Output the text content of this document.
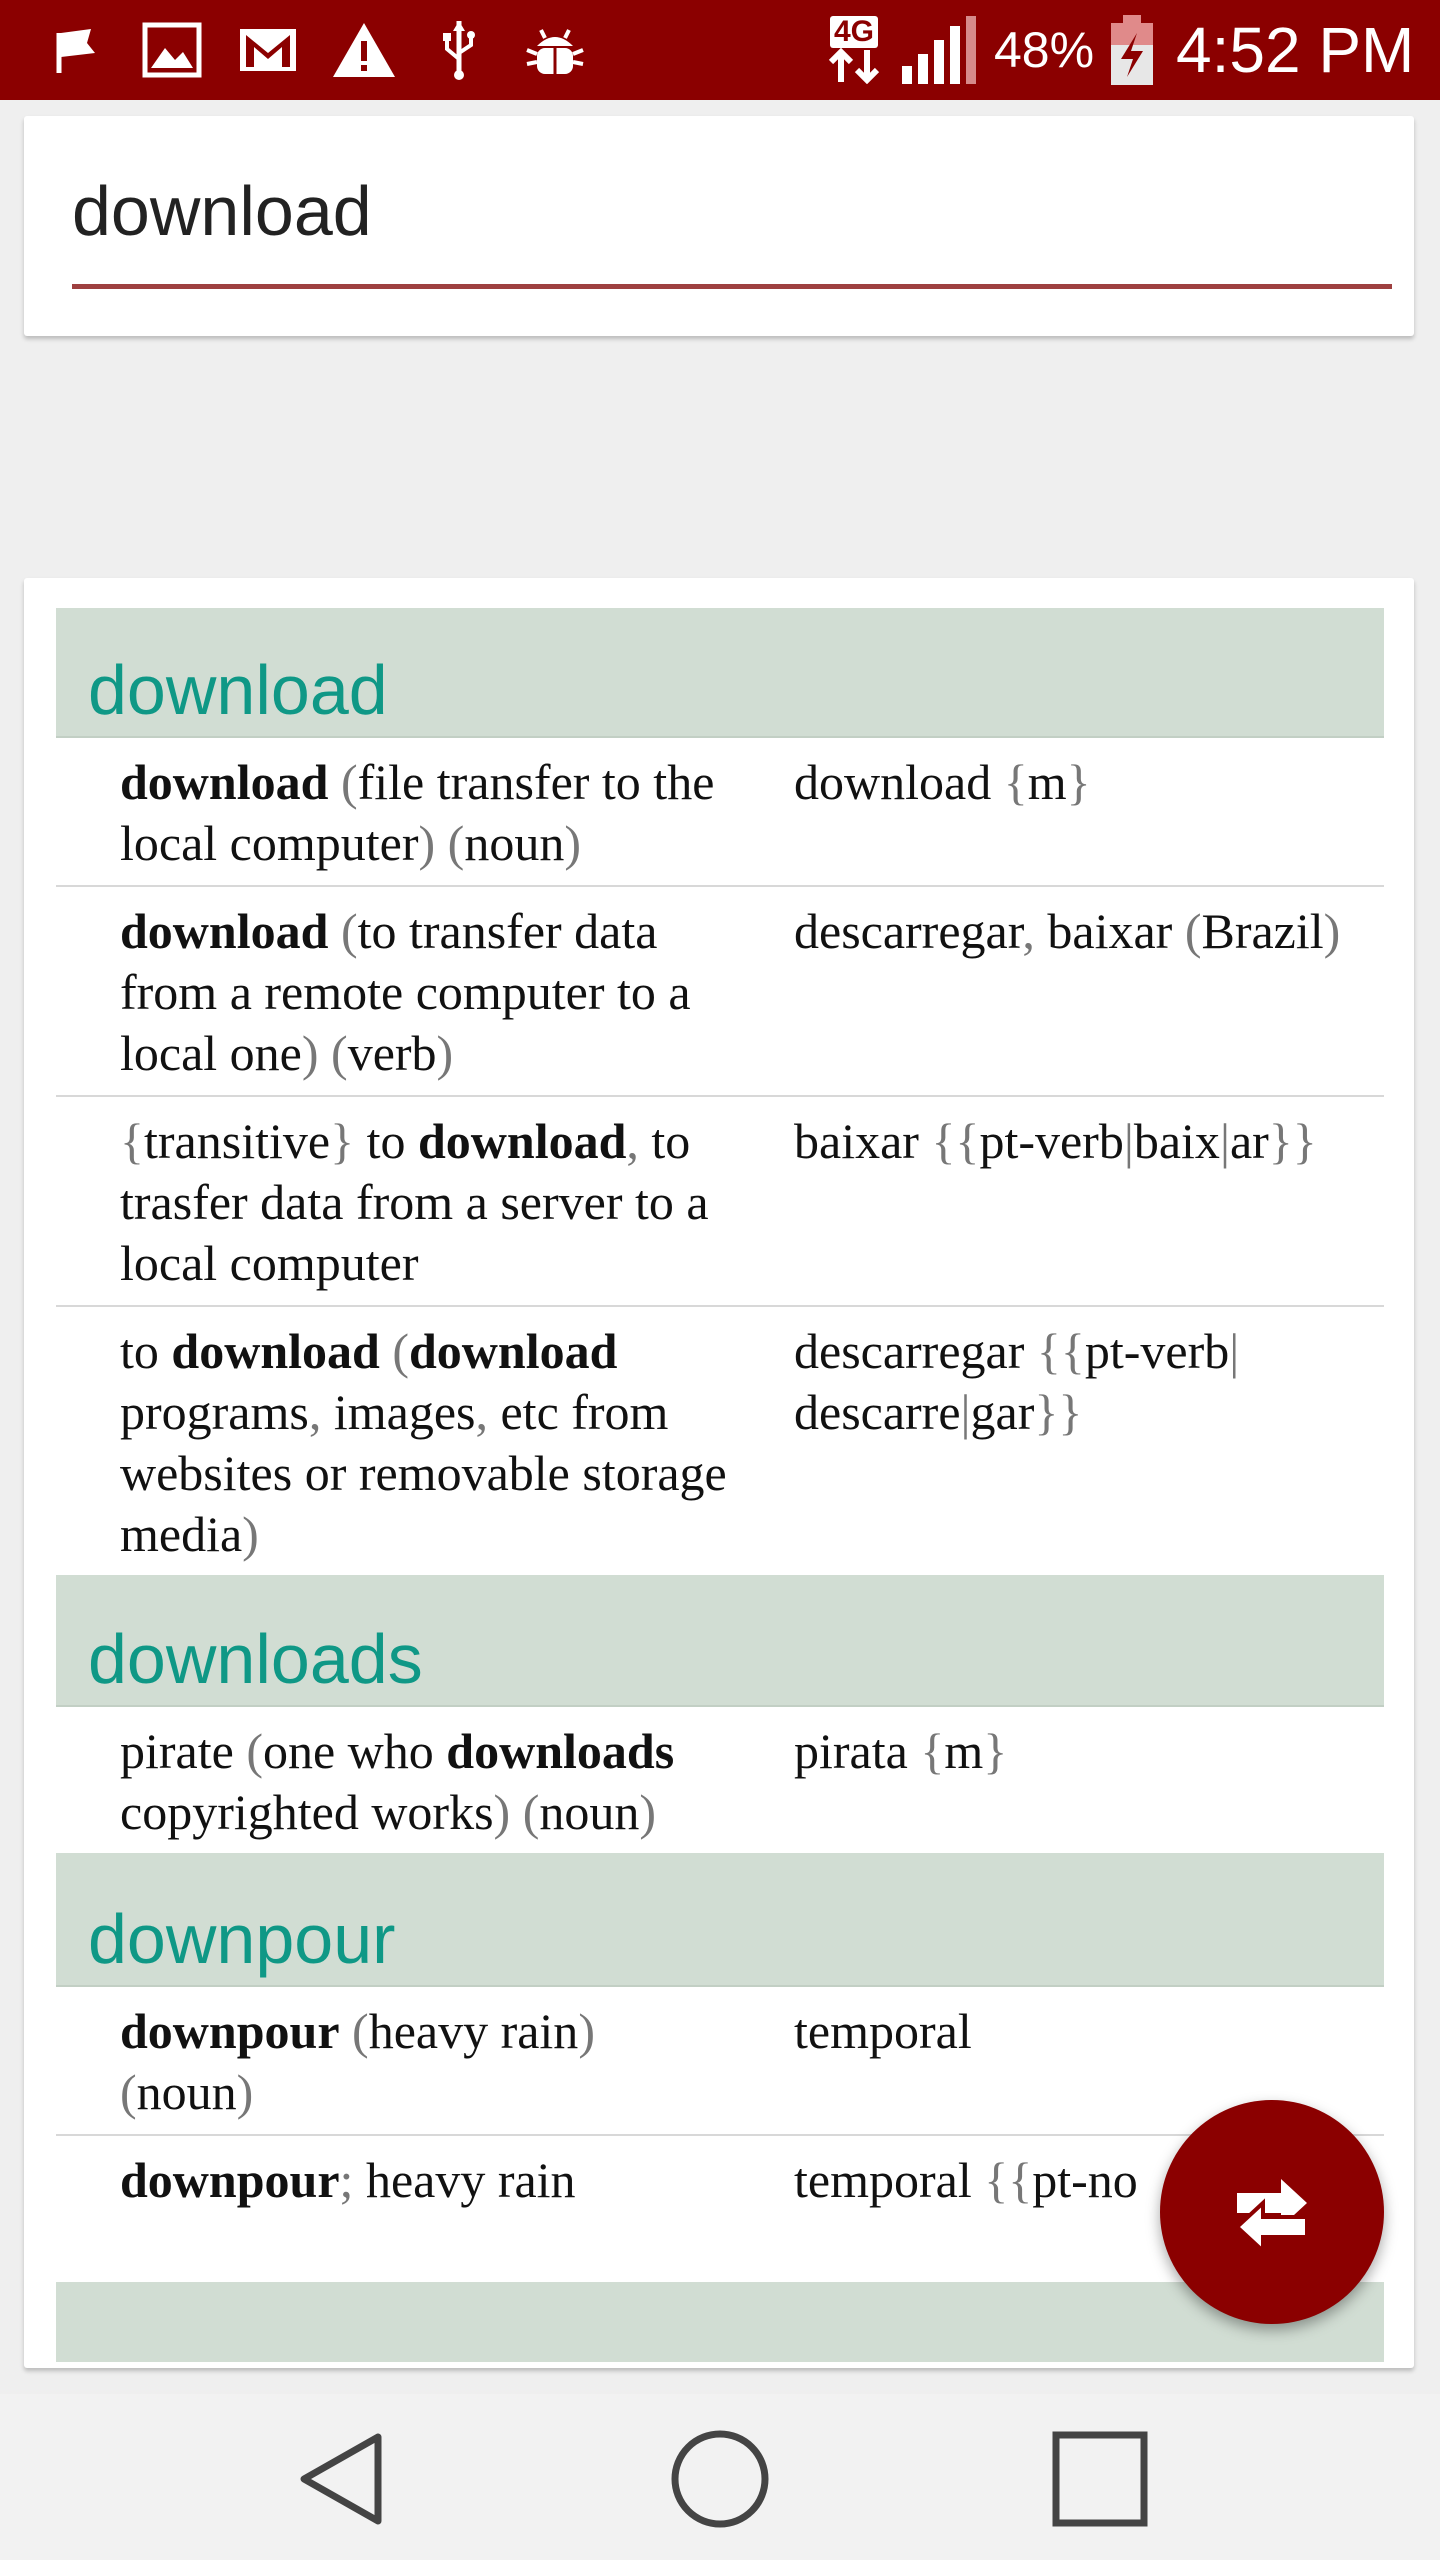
4G 48% 4:52 PM
download
download
download (file transfer to the local computer) (noun)
download {m}
download (to transfer data from a remote computer to a local one) (verb)
descarregar, baixar (Brazil)
{transitive} to download, to trasfer data from a server to a local computer
baixar {{pt-verb|baix|ar}}
to download (download programs, images, etc from websites or removable storage media)
descarregar {{pt-verb| descarre|gar}}
downloads
pirate (one who downloads copyrighted works) (noun)
pirata {m}
downpour
downpour (heavy rain) (noun)
temporal
downpour; heavy rain	temporal {{pt-no
